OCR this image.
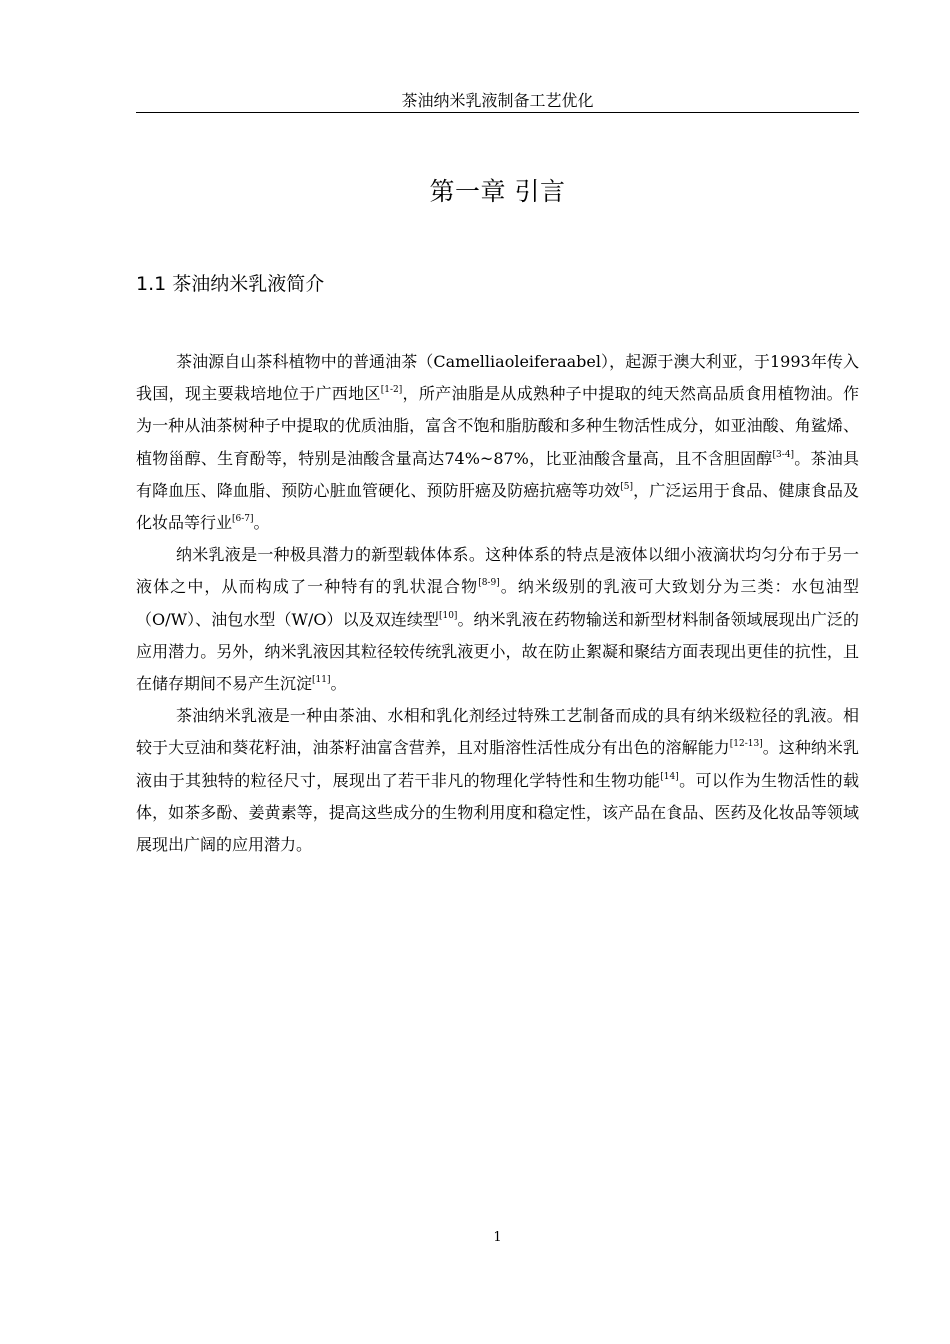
茶油纳米乳液制备工艺优化
第一章 引言
1.1 茶油纳米乳液简介

茶油源自山茶科植物中的普通油茶（Camelliaoleiferaabel），起源于澳大利亚，于1993年传入我国，现主要栽培地位于广西地区[1-2]，所产油脂是从成熟种子中提取的纯天然高品质食用植物油。作为一种从油茶树种子中提取的优质油脂，富含不饱和脂肪酸和多种生物活性成分，如亚油酸、角鲨烯、植物甾醇、生育酚等，特别是油酸含量高达74%~87%，比亚油酸含量高，且不含胆固醇[3-4]。茶油具有降血压、降血脂、预防心脏血管硬化、预防肝癌及防癌抗癌等功效[5]，广泛运用于食品、健康食品及化妆品等行业[6-7]。

纳米乳液是一种极具潜力的新型载体体系。这种体系的特点是液体以细小液滴状均匀分布于另一液体之中，从而构成了一种特有的乳状混合物[8-9]。纳米级别的乳液可大致划分为三类：水包油型（O/W）、油包水型（W/O）以及双连续型[10]。纳米乳液在药物输送和新型材料制备领域展现出广泛的应用潜力。另外，纳米乳液因其粒径较传统乳液更小，故在防止絮凝和聚结方面表现出更佳的抗性，且在储存期间不易产生沉淀[11]。

茶油纳米乳液是一种由茶油、水相和乳化剂经过特殊工艺制备而成的具有纳米级粒径的乳液。相较于大豆油和葵花籽油，油茶籽油富含营养，且对脂溶性活性成分有出色的溶解能力[12-13]。这种纳米乳液由于其独特的粒径尺寸，展现出了若干非凡的物理化学特性和生物功能[14]。可以作为生物活性的载体，如茶多酚、姜黄素等，提高这些成分的生物利用度和稳定性，该产品在食品、医药及化妆品等领域展现出广阔的应用潜力。

1
